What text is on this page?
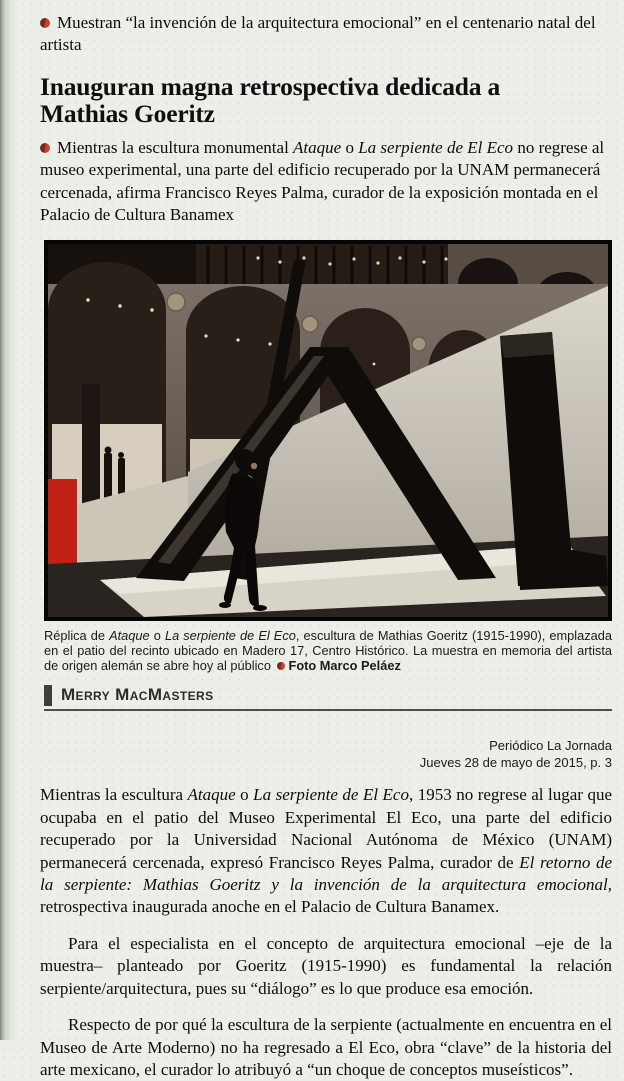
Muestran “la invención de la arquitectura emocional” en el centenario natal del artista

Inauguran magna retrospectiva dedicada a Mathias Goeritz

Mientras la escultura monumental Ataque o La serpiente de El Eco no regrese al museo experimental, una parte del edificio recuperado por la UNAM permanecerá cercenada, afirma Francisco Reyes Palma, curador de la exposición montada en el Palacio de Cultura Banamex

Réplica de Ataque o La serpiente de El Eco, escultura de Mathias Goeritz (1915-1990), emplazada en el patio del recinto ubicado en Madero 17, Centro Histórico. La muestra en memoria del artista de origen alemán se abre hoy al público Foto Marco Peláez

Merry MacMasters
Periódico La Jornada
Jueves 28 de mayo de 2015, p. 3

Mientras la escultura Ataque o La serpiente de El Eco, 1953 no regrese al lugar que ocupaba en el patio del Museo Experimental El Eco, una parte del edificio recuperado por la Universidad Nacional Autónoma de México (UNAM) permanecerá cercenada, expresó Francisco Reyes Palma, curador de El retorno de la serpiente: Mathias Goeritz y la invención de la arquitectura emocional, retrospectiva inaugurada anoche en el Palacio de Cultura Banamex.

Para el especialista en el concepto de arquitectura emocional –eje de la muestra– planteado por Goeritz (1915-1990) es fundamental la relación serpiente/arquitectura, pues su “diálogo” es lo que produce esa emoción.

Respecto de por qué la escultura de la serpiente (actualmente en encuentra en el Museo de Arte Moderno) no ha regresado a El Eco, obra “clave” de la historia del arte mexicano, el curador lo atribuyó a “un choque de conceptos museísticos”.
